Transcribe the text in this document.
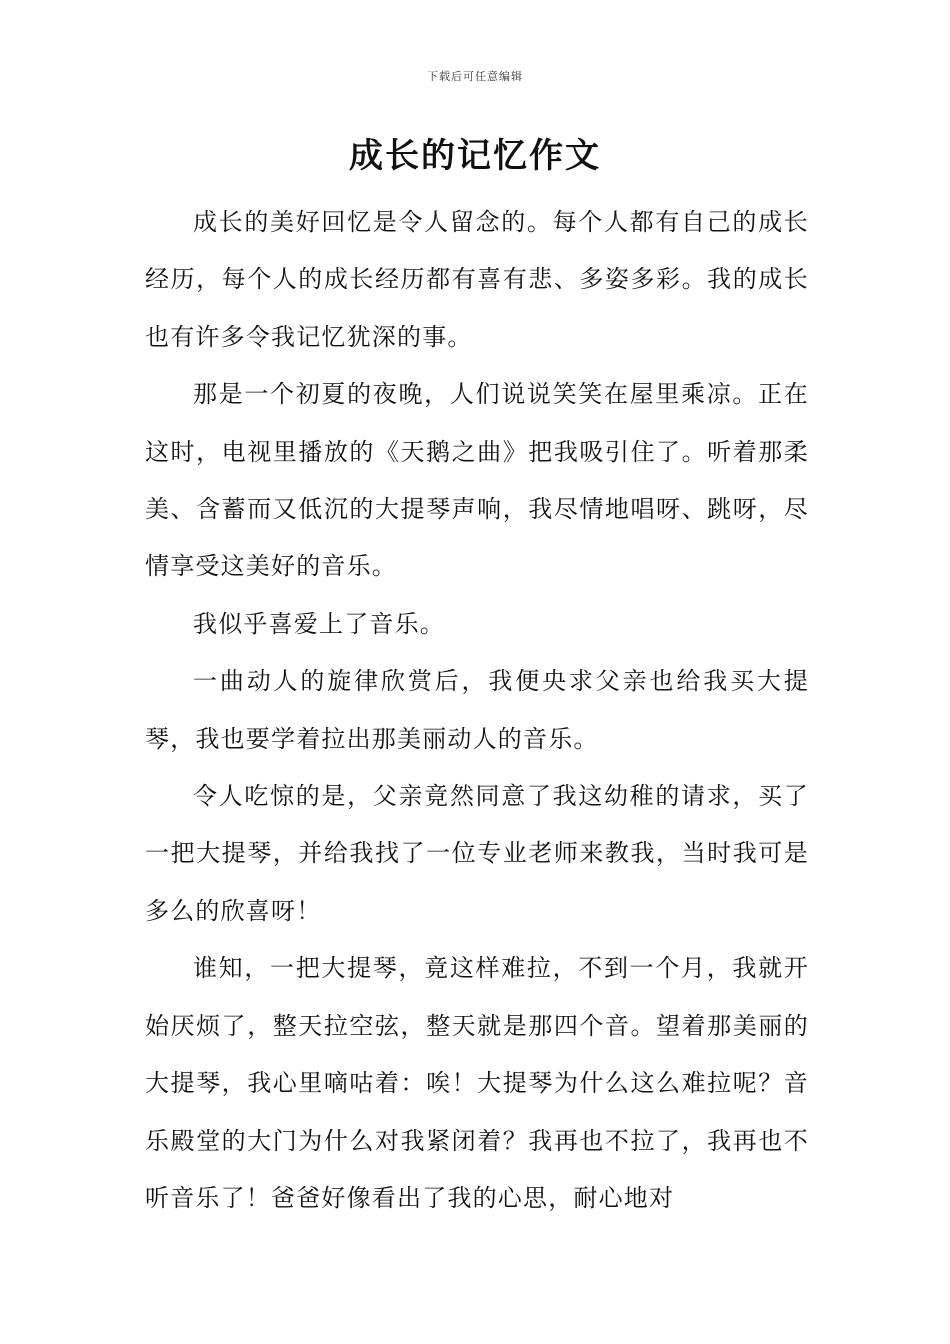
下载后可任意编辑
成长的记忆作文

成长的美好回忆是令人留念的。每个人都有自己的成长经历，每个人的成长经历都有喜有悲、多姿多彩。我的成长也有许多令我记忆犹深的事。

那是一个初夏的夜晚，人们说说笑笑在屋里乘凉。正在这时，电视里播放的《天鹅之曲》把我吸引住了。听着那柔美、含蓄而又低沉的大提琴声响，我尽情地唱呀、跳呀，尽情享受这美好的音乐。

我似乎喜爱上了音乐。

一曲动人的旋律欣赏后，我便央求父亲也给我买大提琴，我也要学着拉出那美丽动人的音乐。

令人吃惊的是，父亲竟然同意了我这幼稚的请求，买了一把大提琴，并给我找了一位专业老师来教我，当时我可是多么的欣喜呀！

谁知，一把大提琴，竟这样难拉，不到一个月，我就开始厌烦了，整天拉空弦，整天就是那四个音。望着那美丽的大提琴，我心里嘀咕着：唉！大提琴为什么这么难拉呢？音乐殿堂的大门为什么对我紧闭着？我再也不拉了，我再也不听音乐了！爸爸好像看出了我的心思，耐心地对
